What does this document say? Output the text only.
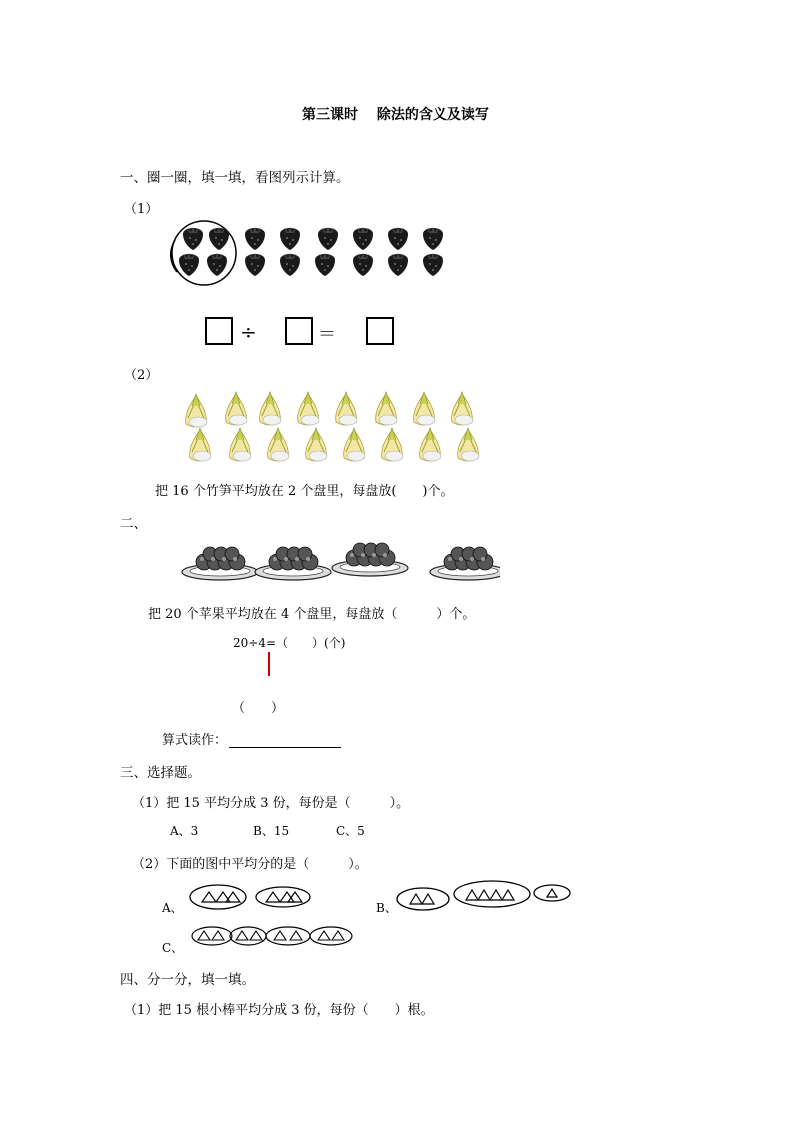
第三课时　 除法的含义及读写
一、圈一圈，填一填，看图列示计算。
（1）
÷	＝
（2）
把 16 个竹笋平均放在 2 个盘里，每盘放(　　)个。
二、
把 20 个苹果平均放在 4 个盘里，每盘放（　　　）个。
20÷4=（　　）(个)
（　　）
算式读作：
三、选择题。
（1）把 15 平均分成 3 份，每份是（　　　）。
A、3	B、15	C、5
（2）下面的图中平均分的是（　　　）。
A、	B、
C、
四、分一分，填一填。
（1）把 15 根小棒平均分成 3 份，每份（　　）根。
